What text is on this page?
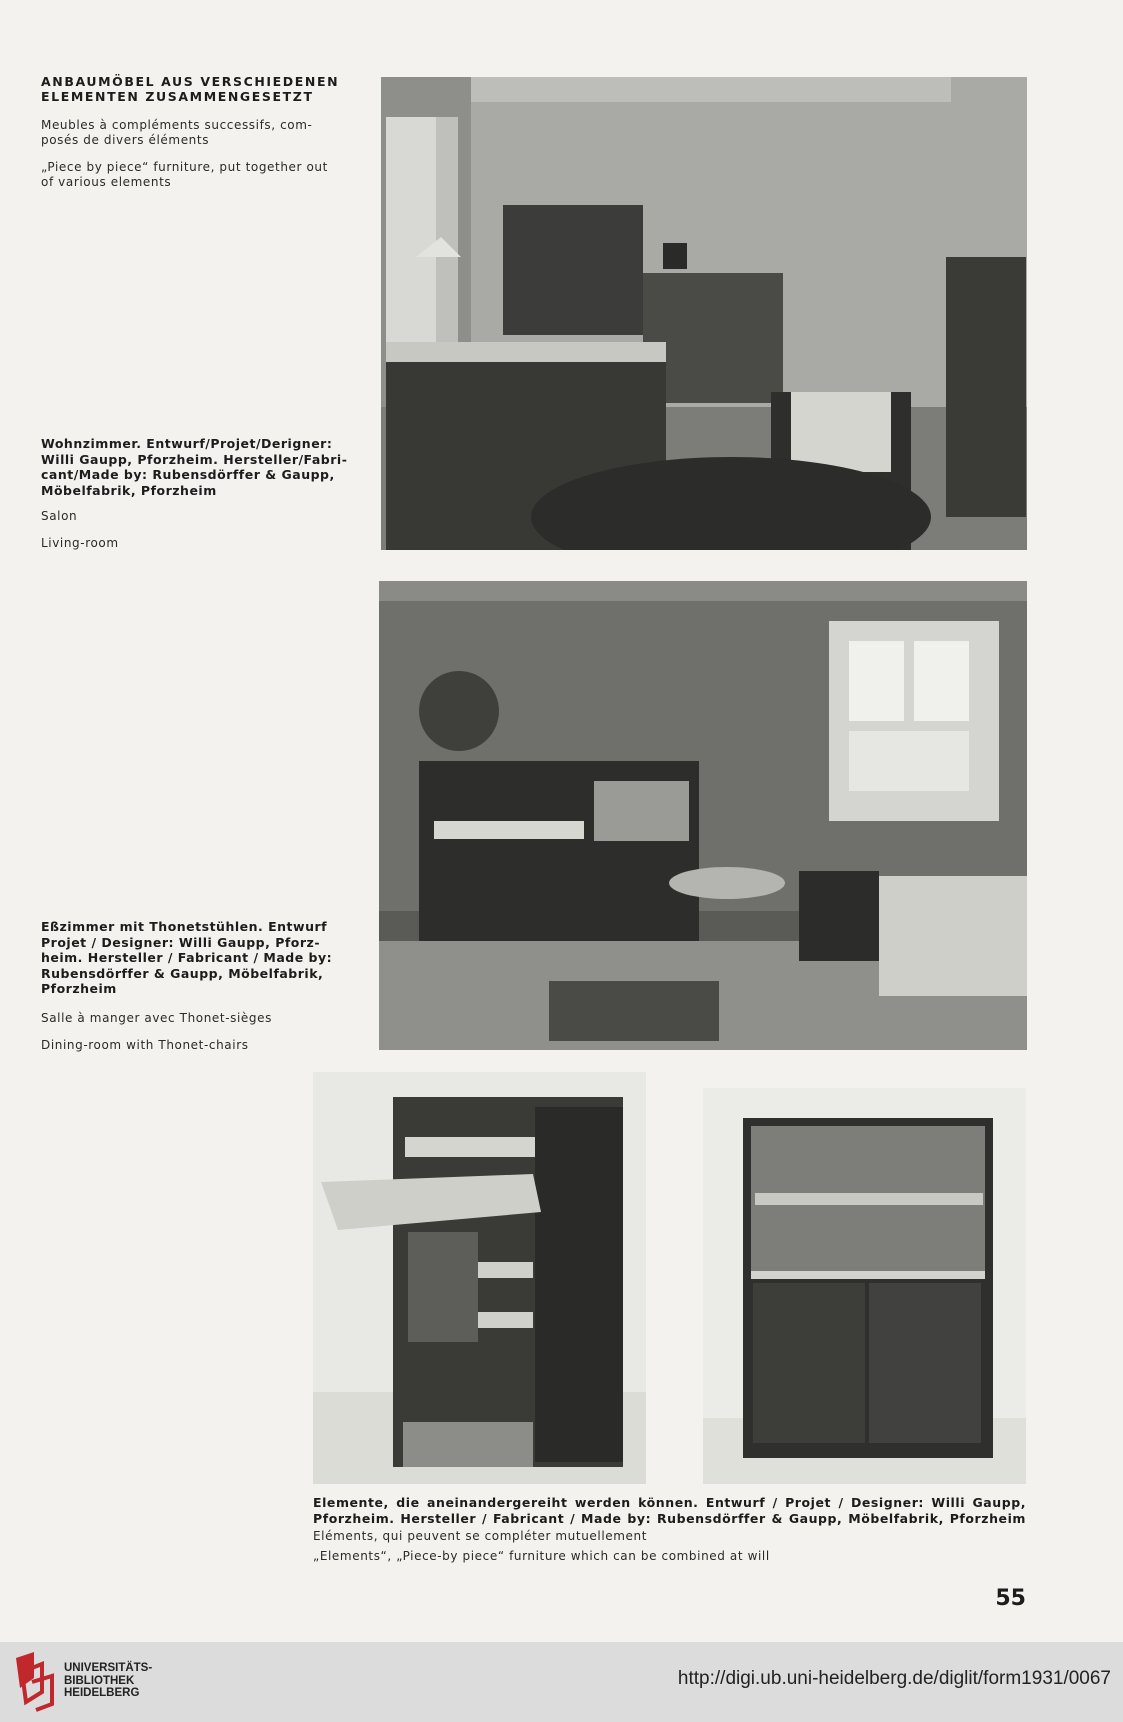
ANBAUMÖBEL AUS VERSCHIEDENEN
ELEMENTEN ZUSAMMENGESETZT
Meubles à compléments successifs, com-
posés de divers éléments
„Piece by piece“ furniture, put together out
of various elements
Wohnzimmer. Entwurf/Projet/Derigner:
Willi Gaupp, Pforzheim. Hersteller/Fabri-
cant/Made by: Rubensdörffer & Gaupp,
Möbelfabrik, Pforzheim
Salon
Living-room
Eßzimmer mit Thonetstühlen. Entwurf
Projet / Designer: Willi Gaupp, Pforz-
heim. Hersteller / Fabricant / Made by:
Rubensdörffer & Gaupp, Möbelfabrik,
Pforzheim
Salle à manger avec Thonet-sièges
Dining-room with Thonet-chairs
Elemente, die aneinandergereiht werden können. Entwurf / Projet / Designer: Willi Gaupp,
Pforzheim. Hersteller / Fabricant / Made by: Rubensdörffer & Gaupp, Möbelfabrik, Pforzheim
Eléments, qui peuvent se compléter mutuellement
„Elements“, „Piece-by piece“ furniture which can be combined at will
55
UNIVERSITÄTS-
BIBLIOTHEK
HEIDELBERG
http://digi.ub.uni-heidelberg.de/diglit/form1931/0067
